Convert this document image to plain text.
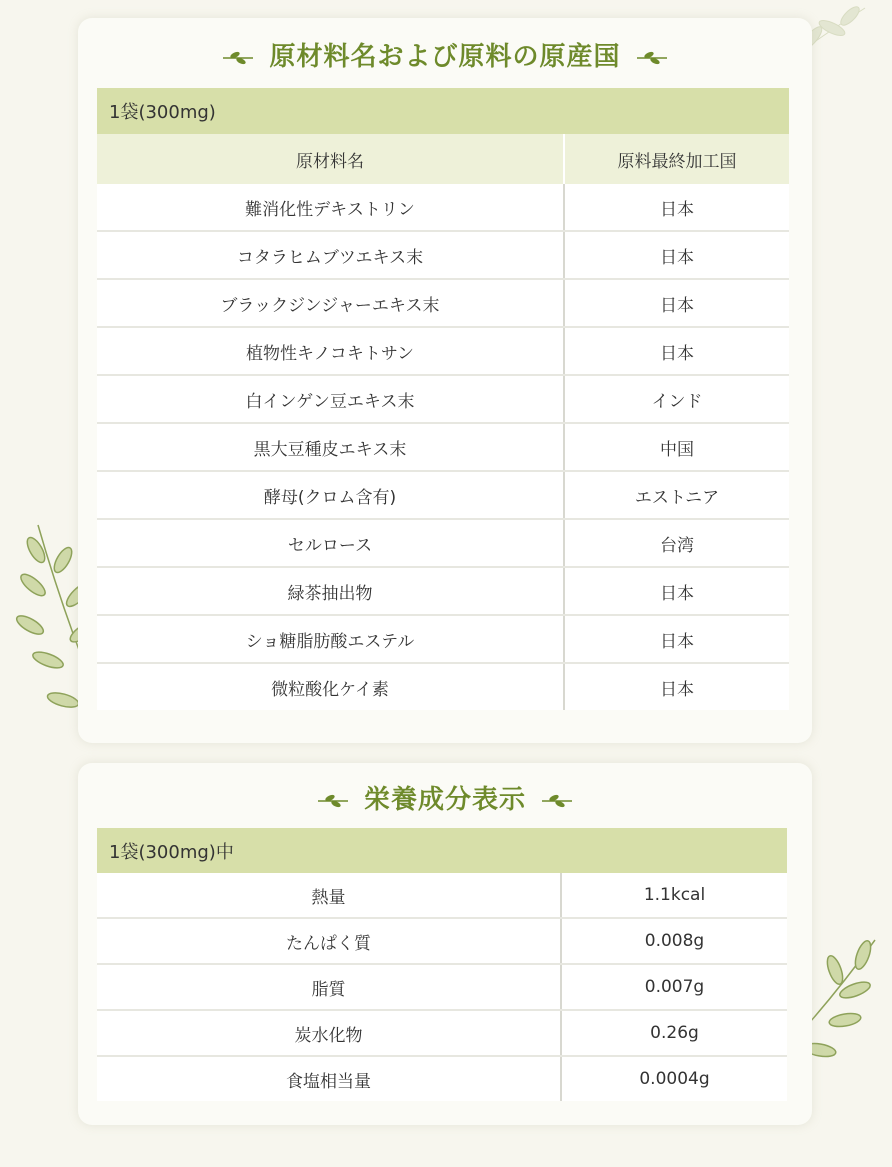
原材料名および原料の原産国
1袋(300mg)	
原材料名	原料最終加工国
難消化性デキストリン	日本
コタラヒムブツエキス末	日本
ブラックジンジャーエキス末	日本
植物性キノコキトサン	日本
白インゲン豆エキス末	インド
黒大豆種皮エキス末	中国
酵母(クロム含有)	エストニア
セルロース	台湾
緑茶抽出物	日本
ショ糖脂肪酸エステル	日本
微粒酸化ケイ素	日本
栄養成分表示
1袋(300mg)中	
熱量	1.1kcal
たんぱく質	0.008g
脂質	0.007g
炭水化物	0.26g
食塩相当量	0.0004g
